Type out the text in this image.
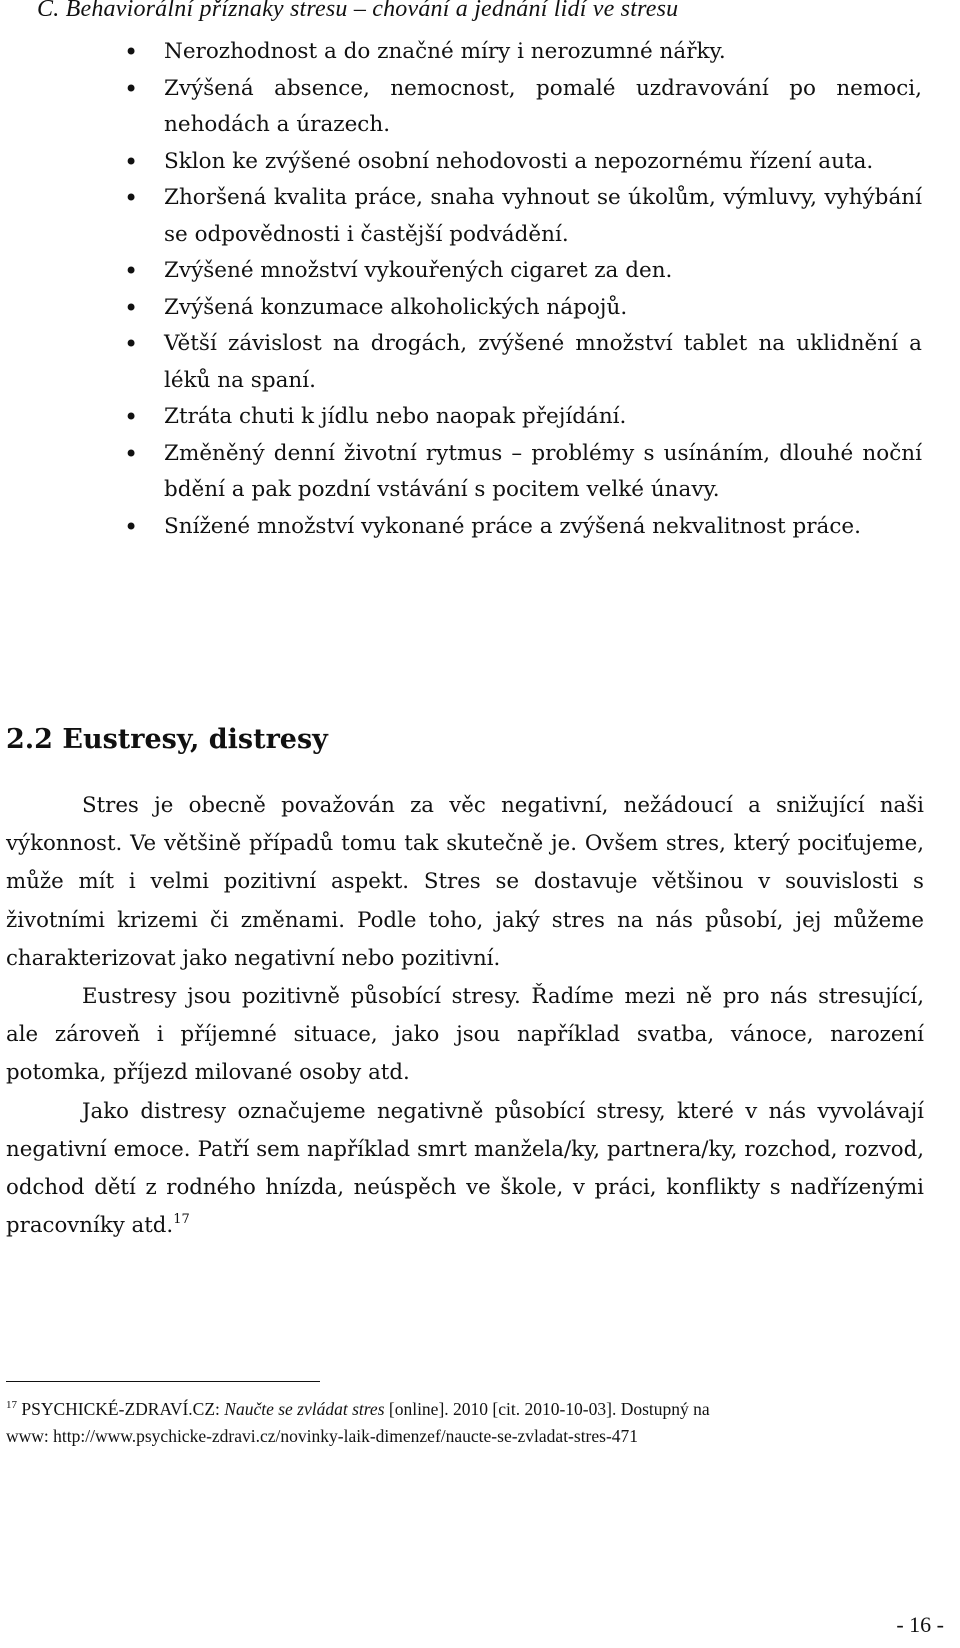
C. Behaviorální příznaky stresu – chování a jednání lidí ve stresu
• Nerozhodnost a do značné míry i nerozumné nářky.
• Zvýšená absence, nemocnost, pomalé uzdravování po nemoci, nehodách a úrazech.
• Sklon ke zvýšené osobní nehodovosti a nepozornému řízení auta.
• Zhoršená kvalita práce, snaha vyhnout se úkolům, výmluvy, vyhýbání se odpovědnosti i častější podvádění.
• Zvýšené množství vykouřených cigaret za den.
• Zvýšená konzumace alkoholických nápojů.
• Větší závislost na drogách, zvýšené množství tablet na uklidnění a léků na spaní.
• Ztráta chuti k jídlu nebo naopak přejídání.
• Změněný denní životní rytmus – problémy s usínáním, dlouhé noční bdění a pak pozdní vstávání s pocitem velké únavy.
• Snížené množství vykonané práce a zvýšená nekvalitnost práce.
2.2 Eustresy, distresy

Stres je obecně považován za věc negativní, nežádoucí a snižující naši výkonnost. Ve většině případů tomu tak skutečně je. Ovšem stres, který pociťujeme, může mít i velmi pozitivní aspekt. Stres se dostavuje většinou v souvislosti s životními krizemi či změnami. Podle toho, jaký stres na nás působí, jej můžeme charakterizovat jako negativní nebo pozitivní.

Eustresy jsou pozitivně působící stresy. Řadíme mezi ně pro nás stresující, ale zároveň i příjemné situace, jako jsou například svatba, vánoce, narození potomka, příjezd milované osoby atd.

Jako distresy označujeme negativně působící stresy, které v nás vyvolávají negativní emoce. Patří sem například smrt manžela/ky, partnera/ky, rozchod, rozvod, odchod dětí z rodného hnízda, neúspěch ve škole, v práci, konflikty s nadřízenými pracovníky atd.$^{17}$

$^{17}$ PSYCHICKÉ-ZDRAVÍ.CZ: Naučte se zvládat stres [online]. 2010 [cit. 2010-10-03]. Dostupný na
www: http://www.psychicke-zdravi.cz/novinky-laik-dimenzef/naucte-se-zvladat-stres-471
- 16 -
